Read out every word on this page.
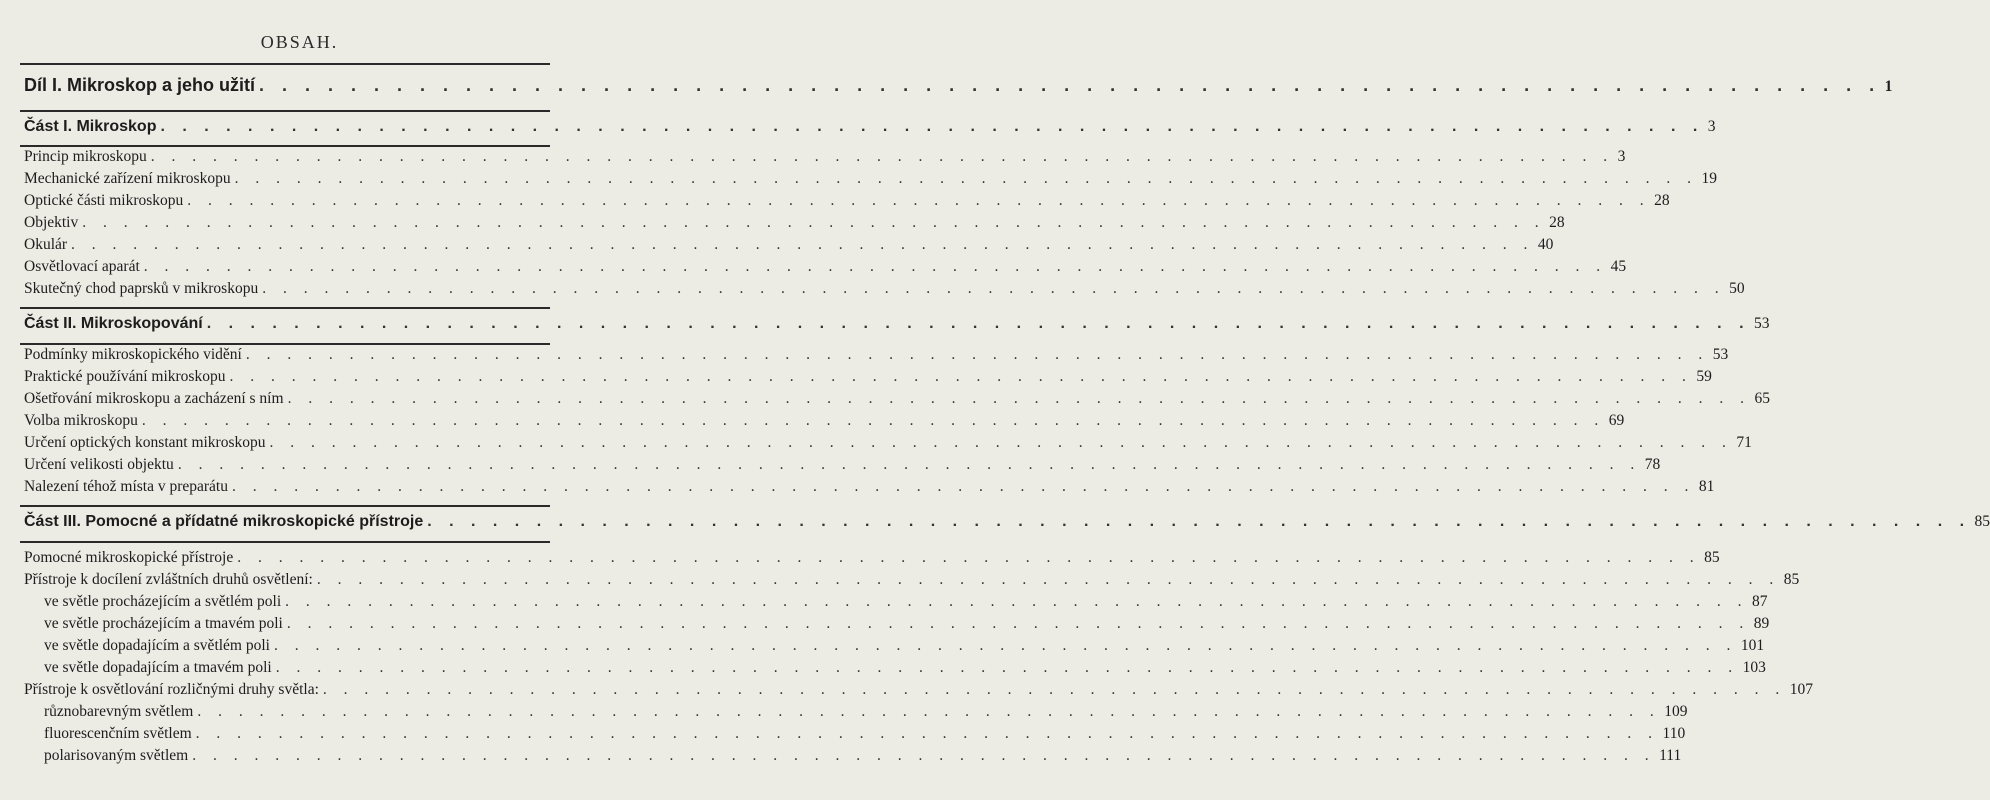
OBSAH.
Díl I. Mikroskop a jeho užití . . . . . . . . . . . . . . . . . . . . . . . . . . . . . . . . . . . . . . . . . . . . . . . . . . . . . . . . . . . . . . . . . . . . . . . 1
Část I. Mikroskop . . . . . . . . . . . . . . . . . . . . . . . . . . . . . . . . . . . . . . . . . . . . . . . . . . . . . . . . . . . . . . . . . . . . . . . 3
Princip mikroskopu . . . . . . . . . . . . . . . . . . . . . . . . . . . . . . . . . . . . . . . . . . . . . . . . . . . . . . . . . . . . . . . . . . . . . . . 3
Mechanické zařízení mikroskopu . . . . . . . . . . . . . . . . . . . . . . . . . . . . . . . . . . . . . . . . . . . . . . . . . . . . . . . . . . . . . . . . . . . . . . . 19
Optické části mikroskopu . . . . . . . . . . . . . . . . . . . . . . . . . . . . . . . . . . . . . . . . . . . . . . . . . . . . . . . . . . . . . . . . . . . . . . . 28
Objektiv . . . . . . . . . . . . . . . . . . . . . . . . . . . . . . . . . . . . . . . . . . . . . . . . . . . . . . . . . . . . . . . . . . . . . . . 28
Okulár . . . . . . . . . . . . . . . . . . . . . . . . . . . . . . . . . . . . . . . . . . . . . . . . . . . . . . . . . . . . . . . . . . . . . . . 40
Osvětlovací aparát . . . . . . . . . . . . . . . . . . . . . . . . . . . . . . . . . . . . . . . . . . . . . . . . . . . . . . . . . . . . . . . . . . . . . . . 45
Skutečný chod paprsků v mikroskopu . . . . . . . . . . . . . . . . . . . . . . . . . . . . . . . . . . . . . . . . . . . . . . . . . . . . . . . . . . . . . . . . . . . . . . . 50
Část II. Mikroskopování . . . . . . . . . . . . . . . . . . . . . . . . . . . . . . . . . . . . . . . . . . . . . . . . . . . . . . . . . . . . . . . . . . . . . . . 53
Podmínky mikroskopického vidění . . . . . . . . . . . . . . . . . . . . . . . . . . . . . . . . . . . . . . . . . . . . . . . . . . . . . . . . . . . . . . . . . . . . . . . 53
Praktické používání mikroskopu . . . . . . . . . . . . . . . . . . . . . . . . . . . . . . . . . . . . . . . . . . . . . . . . . . . . . . . . . . . . . . . . . . . . . . . 59
Ošetřování mikroskopu a zacházení s ním . . . . . . . . . . . . . . . . . . . . . . . . . . . . . . . . . . . . . . . . . . . . . . . . . . . . . . . . . . . . . . . . . . . . . . . 65
Volba mikroskopu . . . . . . . . . . . . . . . . . . . . . . . . . . . . . . . . . . . . . . . . . . . . . . . . . . . . . . . . . . . . . . . . . . . . . . . 69
Určení optických konstant mikroskopu . . . . . . . . . . . . . . . . . . . . . . . . . . . . . . . . . . . . . . . . . . . . . . . . . . . . . . . . . . . . . . . . . . . . . . . 71
Určení velikosti objektu . . . . . . . . . . . . . . . . . . . . . . . . . . . . . . . . . . . . . . . . . . . . . . . . . . . . . . . . . . . . . . . . . . . . . . . 78
Nalezení téhož místa v preparátu . . . . . . . . . . . . . . . . . . . . . . . . . . . . . . . . . . . . . . . . . . . . . . . . . . . . . . . . . . . . . . . . . . . . . . . 81
Část III. Pomocné a přídatné mikroskopické přístroje . . . . . . . . . . . . . . . . . . . . . . . . . . . . . . . . . . . . . . . . . . . . . . . . . . . . . . . . . . . . . . . . . . . . . . . 85
Pomocné mikroskopické přístroje . . . . . . . . . . . . . . . . . . . . . . . . . . . . . . . . . . . . . . . . . . . . . . . . . . . . . . . . . . . . . . . . . . . . . . . 85
Přístroje k docílení zvláštních druhů osvětlení: . . . . . . . . . . . . . . . . . . . . . . . . . . . . . . . . . . . . . . . . . . . . . . . . . . . . . . . . . . . . . . . . . . . . . . . 85
ve světle procházejícím a světlém poli . . . . . . . . . . . . . . . . . . . . . . . . . . . . . . . . . . . . . . . . . . . . . . . . . . . . . . . . . . . . . . . . . . . . . . . 87
ve světle procházejícím a tmavém poli . . . . . . . . . . . . . . . . . . . . . . . . . . . . . . . . . . . . . . . . . . . . . . . . . . . . . . . . . . . . . . . . . . . . . . . 89
ve světle dopadajícím a světlém poli . . . . . . . . . . . . . . . . . . . . . . . . . . . . . . . . . . . . . . . . . . . . . . . . . . . . . . . . . . . . . . . . . . . . . . . 101
ve světle dopadajícím a tmavém poli . . . . . . . . . . . . . . . . . . . . . . . . . . . . . . . . . . . . . . . . . . . . . . . . . . . . . . . . . . . . . . . . . . . . . . . 103
Přístroje k osvětlování rozličnými druhy světla: . . . . . . . . . . . . . . . . . . . . . . . . . . . . . . . . . . . . . . . . . . . . . . . . . . . . . . . . . . . . . . . . . . . . . . . 107
různobarevným světlem . . . . . . . . . . . . . . . . . . . . . . . . . . . . . . . . . . . . . . . . . . . . . . . . . . . . . . . . . . . . . . . . . . . . . . . 109
fluorescenčním světlem . . . . . . . . . . . . . . . . . . . . . . . . . . . . . . . . . . . . . . . . . . . . . . . . . . . . . . . . . . . . . . . . . . . . . . . 110
polarisovaným světlem . . . . . . . . . . . . . . . . . . . . . . . . . . . . . . . . . . . . . . . . . . . . . . . . . . . . . . . . . . . . . . . . . . . . . . . 111
